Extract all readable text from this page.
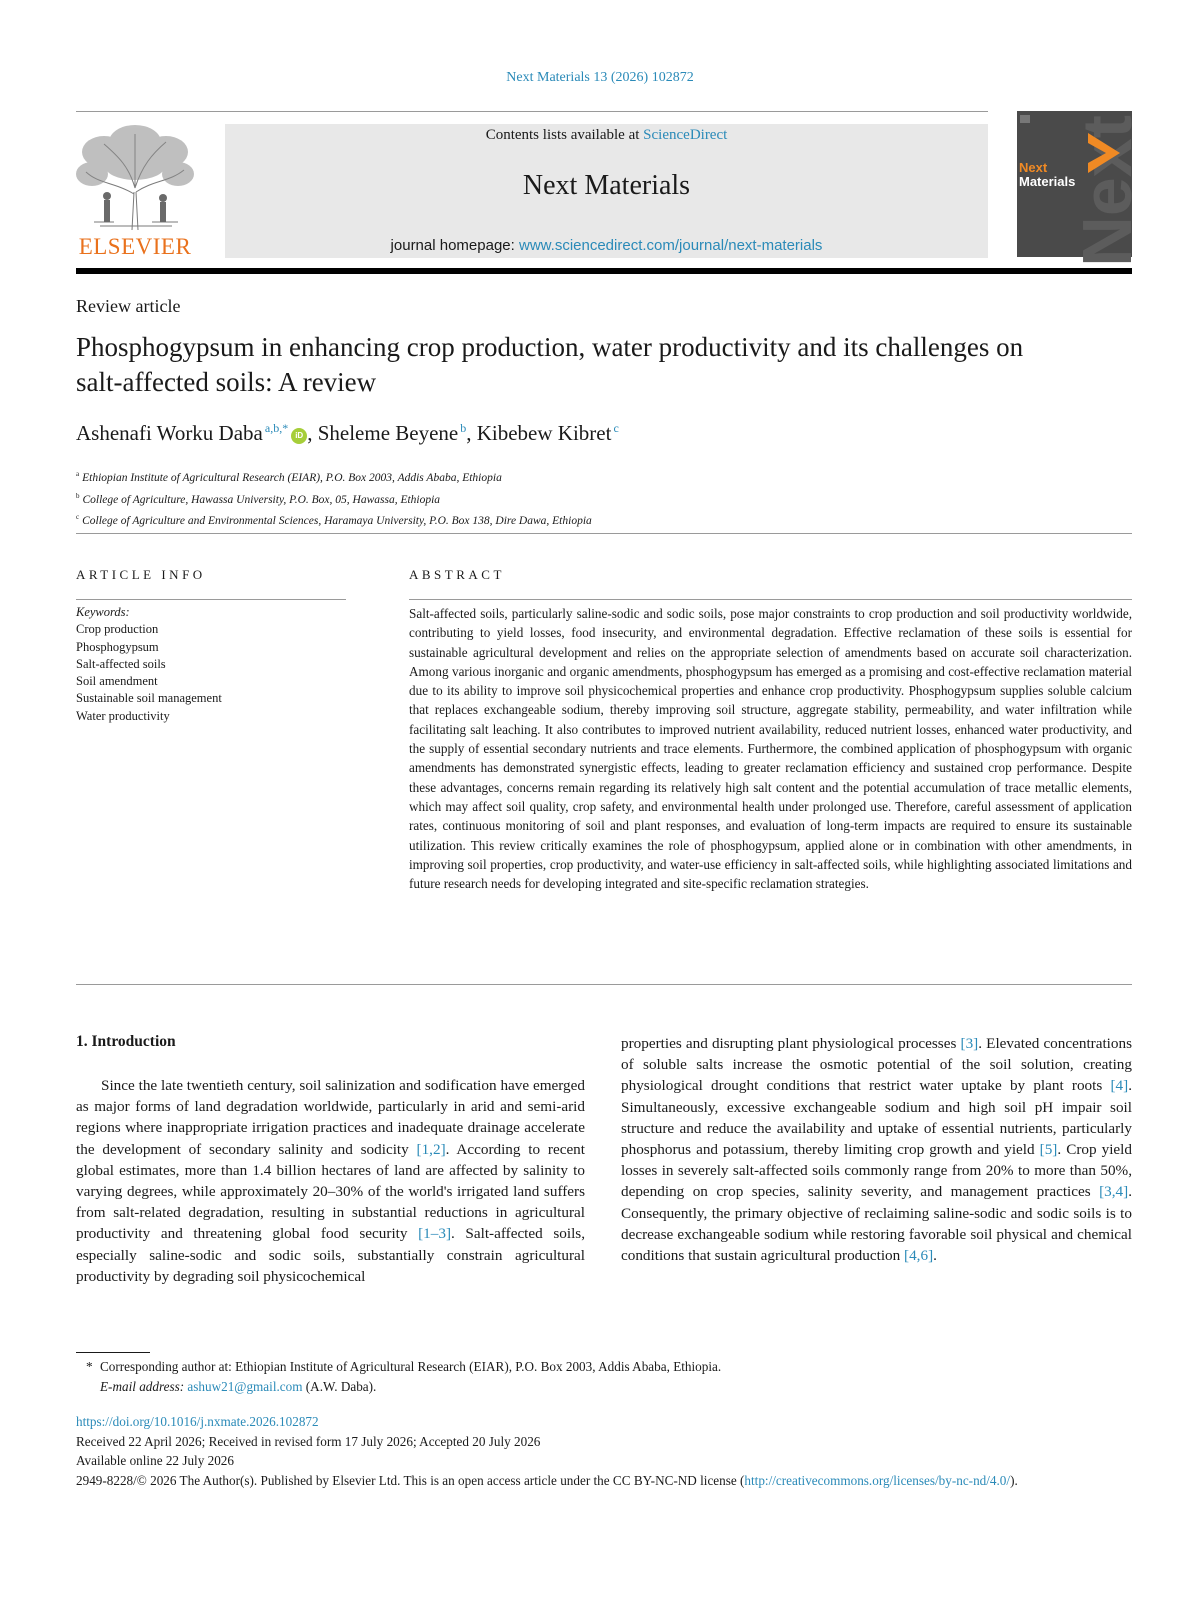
Next Materials 13 (2026) 102872
ELSEVIER
Contents lists available at ScienceDirect
Next Materials
journal homepage: www.sciencedirect.com/journal/next-materials	Next
Next
Materials
Review article
Phosphogypsum in enhancing crop production, water productivity and its challenges on salt-affected soils: A review
Ashenafi Worku Daba $^{a,b,*}$iD , Sheleme Beyene $^b$, Kibebew Kibret $^c$
$^a$ Ethiopian Institute of Agricultural Research (EIAR), P.O. Box 2003, Addis Ababa, Ethiopia
$^b$ College of Agriculture, Hawassa University, P.O. Box, 05, Hawassa, Ethiopia
$^c$ College of Agriculture and Environmental Sciences, Haramaya University, P.O. Box 138, Dire Dawa, Ethiopia
ARTICLE INFO	ABSTRACT
Keywords:
Crop production
Phosphogypsum
Salt-affected soils
Soil amendment
Sustainable soil management
Water productivity

Salt-affected soils, particularly saline-sodic and sodic soils, pose major constraints to crop production and soil productivity worldwide, contributing to yield losses, food insecurity, and environmental degradation. Effective reclamation of these soils is essential for sustainable agricultural development and relies on the appropriate selection of amendments based on accurate soil characterization. Among various inorganic and organic amendments, phosphogypsum has emerged as a promising and cost-effective reclamation material due to its ability to improve soil physicochemical properties and enhance crop productivity. Phosphogypsum supplies soluble calcium that replaces exchangeable sodium, thereby improving soil structure, aggregate stability, permeability, and water infiltration while facilitating salt leaching. It also contributes to improved nutrient availability, reduced nutrient losses, enhanced water productivity, and the supply of essential secondary nutrients and trace elements. Furthermore, the combined application of phosphogypsum with organic amendments has demonstrated synergistic effects, leading to greater reclamation efficiency and sustained crop performance. Despite these advantages, concerns remain regarding its relatively high salt content and the potential accumulation of trace metallic elements, which may affect soil quality, crop safety, and environmental health under prolonged use. Therefore, careful assessment of application rates, continuous monitoring of soil and plant responses, and evaluation of long-term impacts are required to ensure its sustainable utilization. This review critically examines the role of phosphogypsum, applied alone or in combination with other amendments, in improving soil properties, crop productivity, and water-use efficiency in salt-affected soils, while highlighting associated limitations and future research needs for developing integrated and site-specific reclamation strategies.

1. Introduction

Since the late twentieth century, soil salinization and sodification have emerged as major forms of land degradation worldwide, particularly in arid and semi-arid regions where inappropriate irrigation practices and inadequate drainage accelerate the development of secondary salinity and sodicity [1,2]. According to recent global estimates, more than 1.4 billion hectares of land are affected by salinity to varying degrees, while approximately 20–30% of the world's irrigated land suffers from salt-related degradation, resulting in substantial reductions in agricultural productivity and threatening global food security [1–3]. Salt-affected soils, especially saline-sodic and sodic soils, substantially constrain agricultural productivity by degrading soil physicochemical

properties and disrupting plant physiological processes [3]. Elevated concentrations of soluble salts increase the osmotic potential of the soil solution, creating physiological drought conditions that restrict water uptake by plant roots [4]. Simultaneously, excessive exchangeable sodium and high soil pH impair soil structure and reduce the availability and uptake of essential nutrients, particularly phosphorus and potassium, thereby limiting crop growth and yield [5]. Crop yield losses in severely salt-affected soils commonly range from 20% to more than 50%, depending on crop species, salinity severity, and management practices [3,4]. Consequently, the primary objective of reclaiming saline-sodic and sodic soils is to decrease exchangeable sodium while restoring favorable soil physical and chemical conditions that sustain agricultural production [4,6].

* Corresponding author at: Ethiopian Institute of Agricultural Research (EIAR), P.O. Box 2003, Addis Ababa, Ethiopia.
E-mail address: ashuw21@gmail.com (A.W. Daba).
https://doi.org/10.1016/j.nxmate.2026.102872
Received 22 April 2026; Received in revised form 17 July 2026; Accepted 20 July 2026
Available online 22 July 2026
2949-8228/© 2026 The Author(s). Published by Elsevier Ltd. This is an open access article under the CC BY-NC-ND license (http://creativecommons.org/licenses/by-nc-nd/4.0/).
